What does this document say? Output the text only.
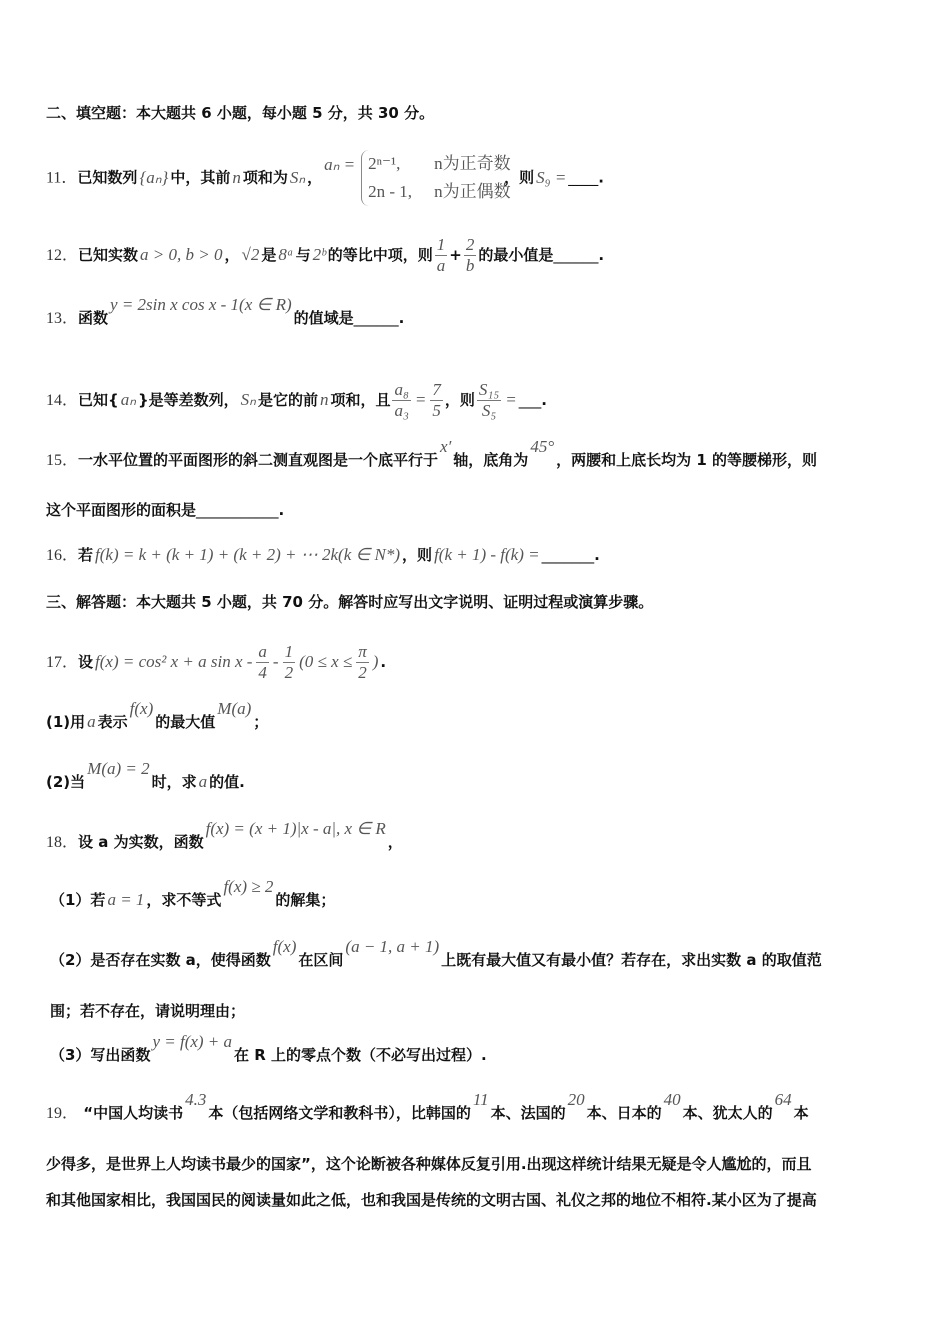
二、填空题：本大题共 6 小题，每小题 5 分，共 30 分。
11．已知数列 {aₙ} 中，其前 n 项和为 Sₙ ，aₙ = 2ⁿ⁻¹, n为正奇数
2n - 1, n为正偶数
，则 S₉ = ____.
12．已知实数 a > 0, b > 0 ， √2 是 8ᵃ 与 2ᵇ 的等比中项，则 $\frac{1}{a} + \frac{2}{b}$ 的最小值是______.
13．函数y = 2sin x cos x - 1(x ∈ R)的值域是______.
14．已知{ aₙ }是等差数列， Sₙ 是它的前 n 项和，且 $\frac{\text{a₈}}{\text{a₃}} = \frac{7}{5}$ ，则 $\frac{\text{S₁₅}}{\text{S₅}}$ = ___.
15．一水平位置的平面图形的斜二测直观图是一个底平行于x′轴，底角为45°，两腰和上底长均为 1 的等腰梯形，则
这个平面图形的面积是___________.
16．若 f(k) = k + (k + 1) + (k + 2) + ⋯ 2k(k ∈ N*) ，则 f(k + 1) - f(k) = _______.
三、解答题：本大题共 5 小题，共 70 分。解答时应写出文字说明、证明过程或演算步骤。
17．设 f(x) = cos² x + a $\sin x - \frac{a}{4} - \frac{1}{2} (0 \le x \le \frac{\pi}{2}$ ) .
(1)用 a 表示f(x)的最大值M(a)；
(2)当M(a) = 2时，求 a 的值.
18．设 a 为实数，函数f(x) = (x + 1)|x - a|, x ∈ R，
（1）若 a = 1 ，求不等式f(x) ≥ 2的解集；
（2）是否存在实数 a，使得函数f(x)在区间(a − 1, a + 1)上既有最大值又有最小值？若存在，求出实数 a 的取值范
围；若不存在，请说明理由；
（3）写出函数y = f(x) + a在 R 上的零点个数（不必写出过程）.
19． “中国人均读书4.3本（包括网络文学和教科书），比韩国的11本、法国的20本、日本的40本、犹太人的64本
少得多，是世界上人均读书最少的国家”，这个论断被各种媒体反复引用.出现这样统计结果无疑是令人尴尬的，而且
和其他国家相比，我国国民的阅读量如此之低，也和我国是传统的文明古国、礼仪之邦的地位不相符.某小区为了提高
